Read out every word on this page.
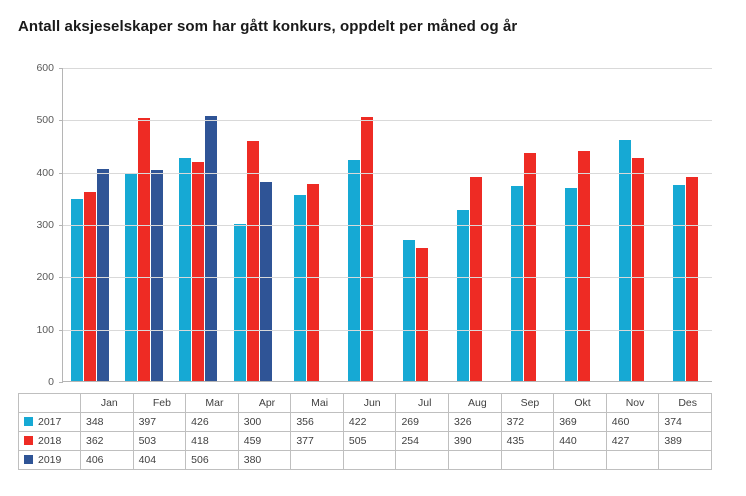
Antall aksjeselskaper som har gått konkurs, oppdelt per måned og år
0
100
200
300
400
500
600
	Jan	Feb	Mar	Apr	Mai	Jun	Jul	Aug	Sep	Okt	Nov	Des
2017	348	397	426	300	356	422	269	326	372	369	460	374
2018	362	503	418	459	377	505	254	390	435	440	427	389
2019	406	404	506	380								
